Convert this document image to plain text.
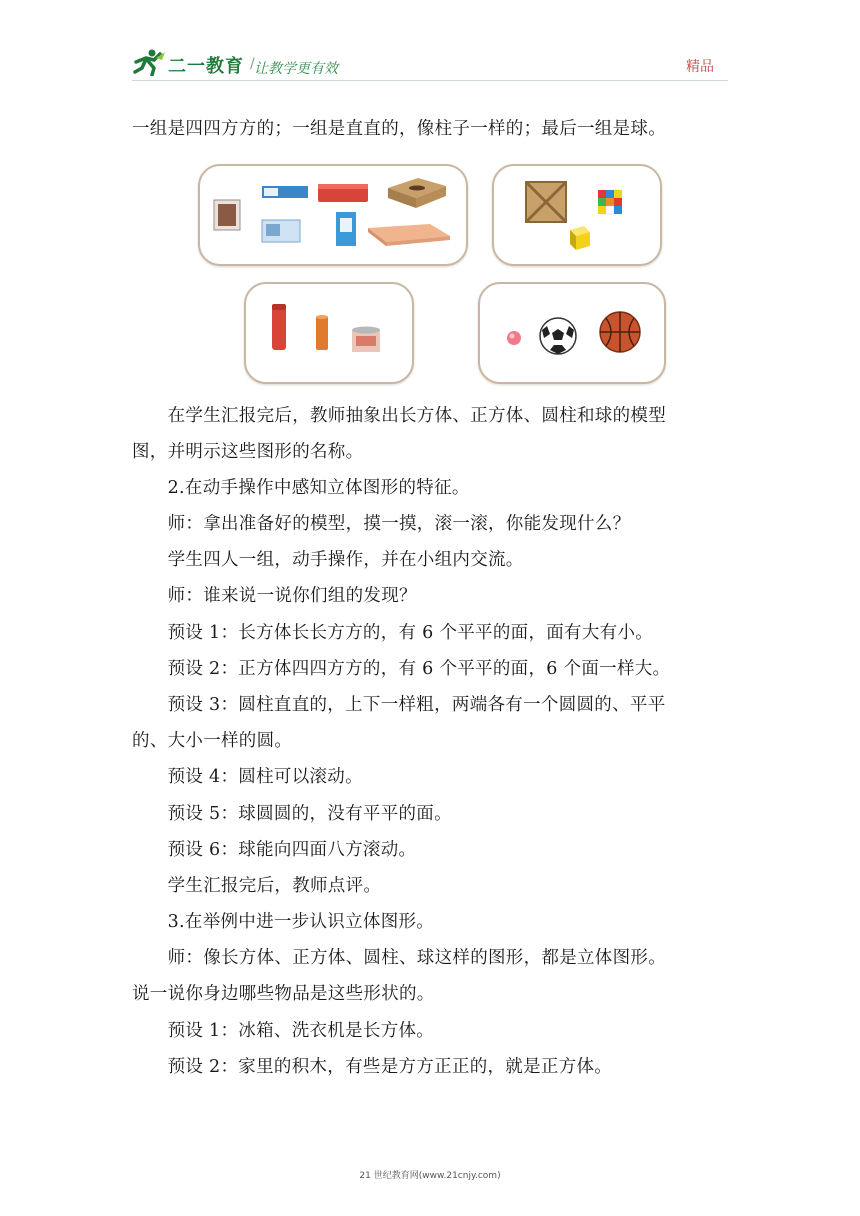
二一教育 / 让教学更有效	精品
一组是四四方方的；一组是直直的，像柱子一样的；最后一组是球。
　　在学生汇报完后，教师抽象出长方体、正方体、圆柱和球的模型
图，并明示这些图形的名称。
　　2.在动手操作中感知立体图形的特征。
　　师：拿出准备好的模型，摸一摸，滚一滚，你能发现什么？
　　学生四人一组，动手操作，并在小组内交流。
　　师：谁来说一说你们组的发现？
　　预设 1：长方体长长方方的，有 6 个平平的面，面有大有小。
　　预设 2：正方体四四方方的，有 6 个平平的面，6 个面一样大。
　　预设 3：圆柱直直的，上下一样粗，两端各有一个圆圆的、平平
的、大小一样的圆。
　　预设 4：圆柱可以滚动。
　　预设 5：球圆圆的，没有平平的面。
　　预设 6：球能向四面八方滚动。
　　学生汇报完后，教师点评。
　　3.在举例中进一步认识立体图形。
　　师：像长方体、正方体、圆柱、球这样的图形，都是立体图形。
说一说你身边哪些物品是这些形状的。
　　预设 1：冰箱、洗衣机是长方体。
　　预设 2：家里的积木，有些是方方正正的，就是正方体。
21 世纪教育网(www.21cnjy.com)
